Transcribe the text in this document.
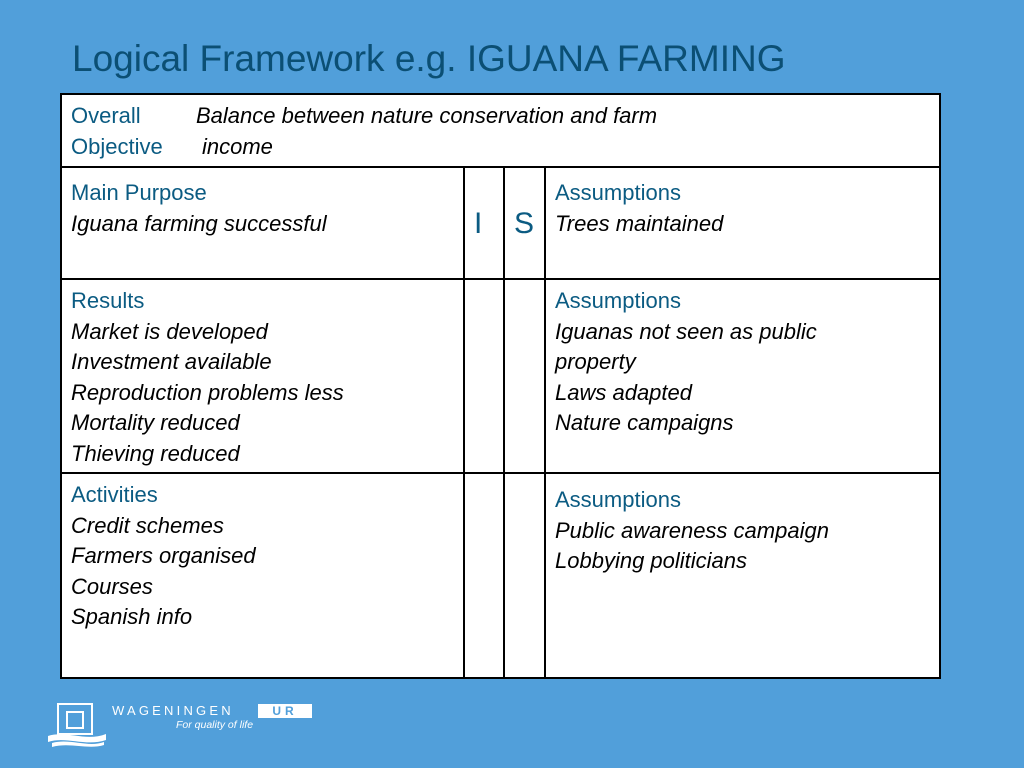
Logical Framework e.g. IGUANA FARMING
Overall
Objective
Balance between nature conservation and farm
income
Main Purpose
Iguana farming successful	I S
Assumptions
Trees maintained
Results
Market is developed
Investment available
Reproduction problems less
Mortality reduced
Thieving reduced
Assumptions
Iguanas not seen as public
property
Laws adapted
Nature campaigns
Activities
Credit schemes
Farmers organised
Courses
Spanish info
Assumptions
Public awareness campaign
Lobbying politicians
WAGENINGEN	UR
For quality of life
